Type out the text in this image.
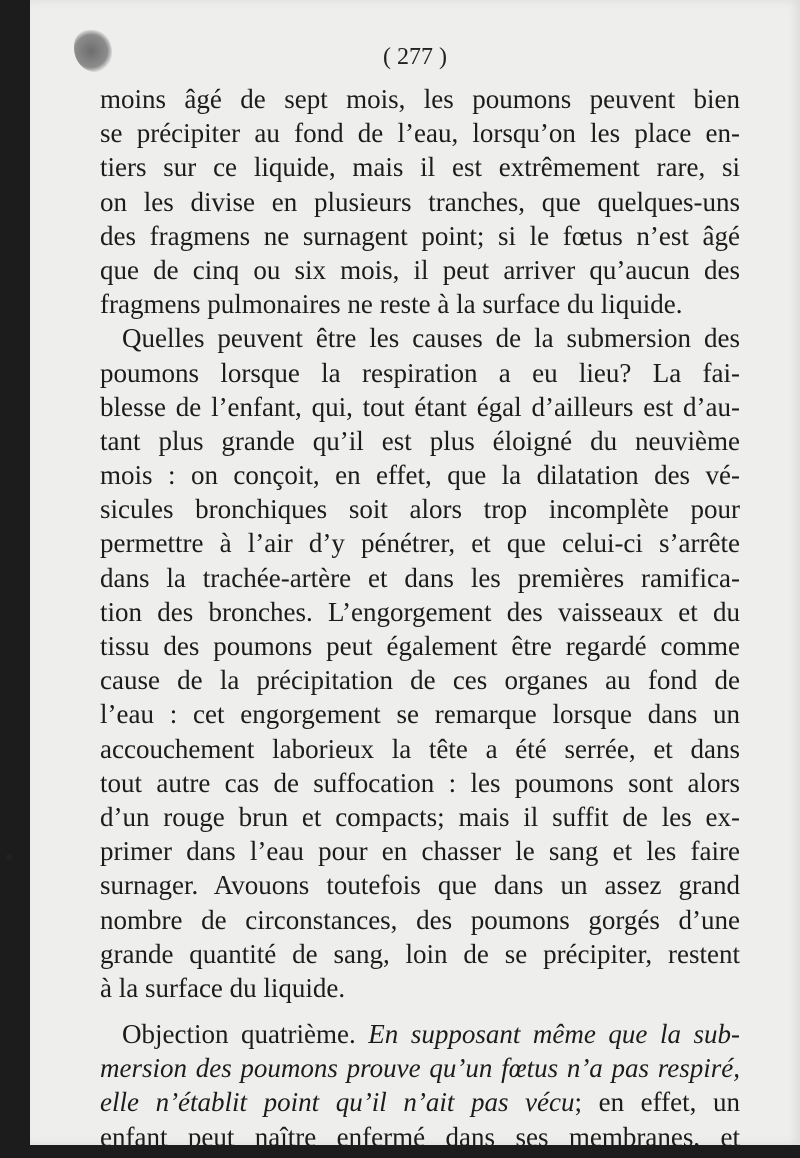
( 277 )
moins âgé de sept mois, les poumons peuvent bien
se précipiter au fond de l’eau, lorsqu’on les place en-
tiers sur ce liquide, mais il est extrêmement rare, si
on les divise en plusieurs tranches, que quelques-uns
des fragmens ne surnagent point; si le fœtus n’est âgé
que de cinq ou six mois, il peut arriver qu’aucun des
fragmens pulmonaires ne reste à la surface du liquide.
Quelles peuvent être les causes de la submersion des
poumons lorsque la respiration a eu lieu? La fai-
blesse de l’enfant, qui, tout étant égal d’ailleurs est d’au-
tant plus grande qu’il est plus éloigné du neuvième
mois : on conçoit, en effet, que la dilatation des vé-
sicules bronchiques soit alors trop incomplète pour
permettre à l’air d’y pénétrer, et que celui-ci s’arrête
dans la trachée-artère et dans les premières ramifica-
tion des bronches. L’engorgement des vaisseaux et du
tissu des poumons peut également être regardé comme
cause de la précipitation de ces organes au fond de
l’eau : cet engorgement se remarque lorsque dans un
accouchement laborieux la tête a été serrée, et dans
tout autre cas de suffocation : les poumons sont alors
d’un rouge brun et compacts; mais il suffit de les ex-
primer dans l’eau pour en chasser le sang et les faire
surnager. Avouons toutefois que dans un assez grand
nombre de circonstances, des poumons gorgés d’une
grande quantité de sang, loin de se précipiter, restent
à la surface du liquide.
Objection quatrième. En supposant même que la sub-
mersion des poumons prouve qu’un fœtus n’a pas respiré,
elle n’établit point qu’il n’ait pas vécu; en effet, un
enfant peut naître enfermé dans ses membranes, et
